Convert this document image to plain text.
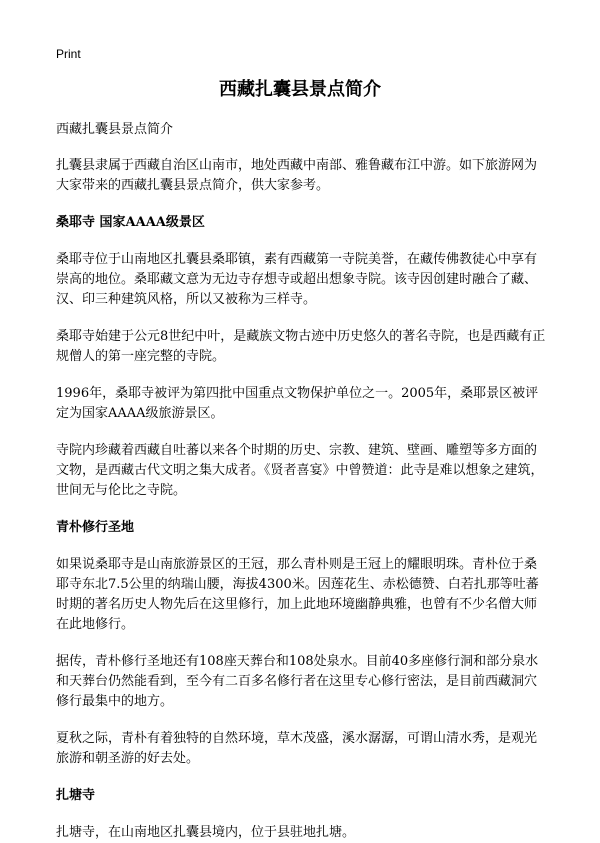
Print
西藏扎囊县景点简介

西藏扎囊县景点简介

扎囊县隶属于西藏自治区山南市，地处西藏中南部、雅鲁藏布江中游。如下旅游网为大家带来的西藏扎囊县景点简介，供大家参考。

桑耶寺 国家AAAA级景区

桑耶寺位于山南地区扎囊县桑耶镇，素有西藏第一寺院美誉，在藏传佛教徒心中享有崇高的地位。桑耶藏文意为无边寺存想寺或超出想象寺院。该寺因创建时融合了藏、汉、印三种建筑风格，所以又被称为三样寺。

桑耶寺始建于公元8世纪中叶，是藏族文物古迹中历史悠久的著名寺院，也是西藏有正规僧人的第一座完整的寺院。

1996年，桑耶寺被评为第四批中国重点文物保护单位之一。2005年，桑耶景区被评定为国家AAAA级旅游景区。

寺院内珍藏着西藏自吐蕃以来各个时期的历史、宗教、建筑、壁画、雕塑等多方面的文物，是西藏古代文明之集大成者。《贤者喜宴》中曾赞道：此寺是难以想象之建筑，世间无与伦比之寺院。

青朴修行圣地

如果说桑耶寺是山南旅游景区的王冠，那么青朴则是王冠上的耀眼明珠。青朴位于桑耶寺东北7.5公里的纳瑞山腰，海拔4300米。因莲花生、赤松德赞、白若扎那等吐蕃时期的著名历史人物先后在这里修行，加上此地环境幽静典雅，也曾有不少名僧大师在此地修行。

据传，青朴修行圣地还有108座天葬台和108处泉水。目前40多座修行洞和部分泉水和天葬台仍然能看到，至今有二百多名修行者在这里专心修行密法，是目前西藏洞穴修行最集中的地方。

夏秋之际，青朴有着独特的自然环境，草木茂盛，溪水潺潺，可谓山清水秀，是观光旅游和朝圣游的好去处。

扎塘寺

扎塘寺，在山南地区扎囊县境内，位于县驻地扎塘。
